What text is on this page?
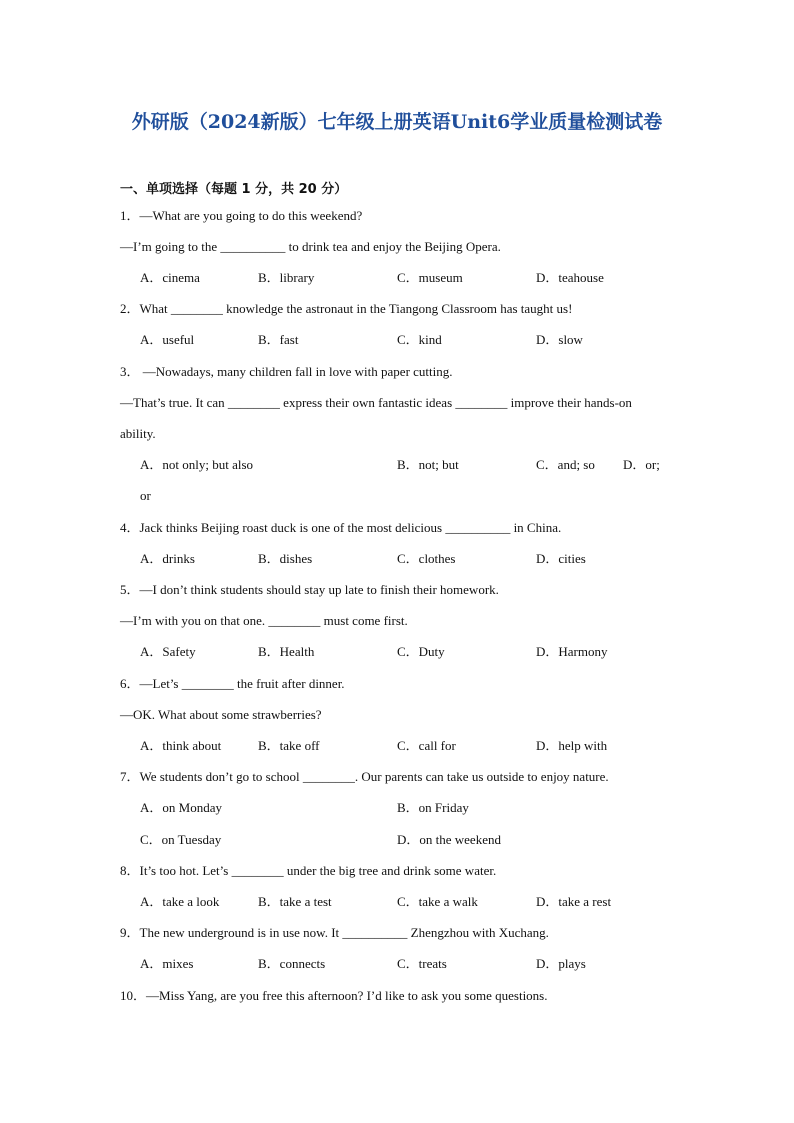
外研版（2024新版）七年级上册英语Unit6学业质量检测试卷
一、单项选择（每题 1 分，共 20 分）
1．—What are you going to do this weekend?
—I’m going to the __________ to drink tea and enjoy the Beijing Opera.
A．cinema	B．library	C．museum	D．teahouse
2．What ________ knowledge the astronaut in the Tiangong Classroom has taught us!
A．useful	B．fast	C．kind	D．slow
3． —Nowadays, many children fall in love with paper cutting.
—That’s true. It can ________ express their own fantastic ideas ________ improve their hands-on
ability.
A．not only; but also	B．not; but	C．and; so D．or;
or
4．Jack thinks Beijing roast duck is one of the most delicious __________ in China.
A．drinks	B．dishes	C．clothes	D．cities
5．—I don’t think students should stay up late to finish their homework.
—I’m with you on that one. ________ must come first.
A．Safety	B．Health	C．Duty	D．Harmony
6．—Let’s ________ the fruit after dinner.
—OK. What about some strawberries?
A．think about	B．take off	C．call for	D．help with
7．We students don’t go to school ________. Our parents can take us outside to enjoy nature.
A．on Monday	B．on Friday
C．on Tuesday	D．on the weekend
8．It’s too hot. Let’s ________ under the big tree and drink some water.
A．take a look	B．take a test	C．take a walk	D．take a rest
9．The new underground is in use now. It __________ Zhengzhou with Xuchang.
A．mixes	B．connects	C．treats	D．plays
10．—Miss Yang, are you free this afternoon? I’d like to ask you some questions.
